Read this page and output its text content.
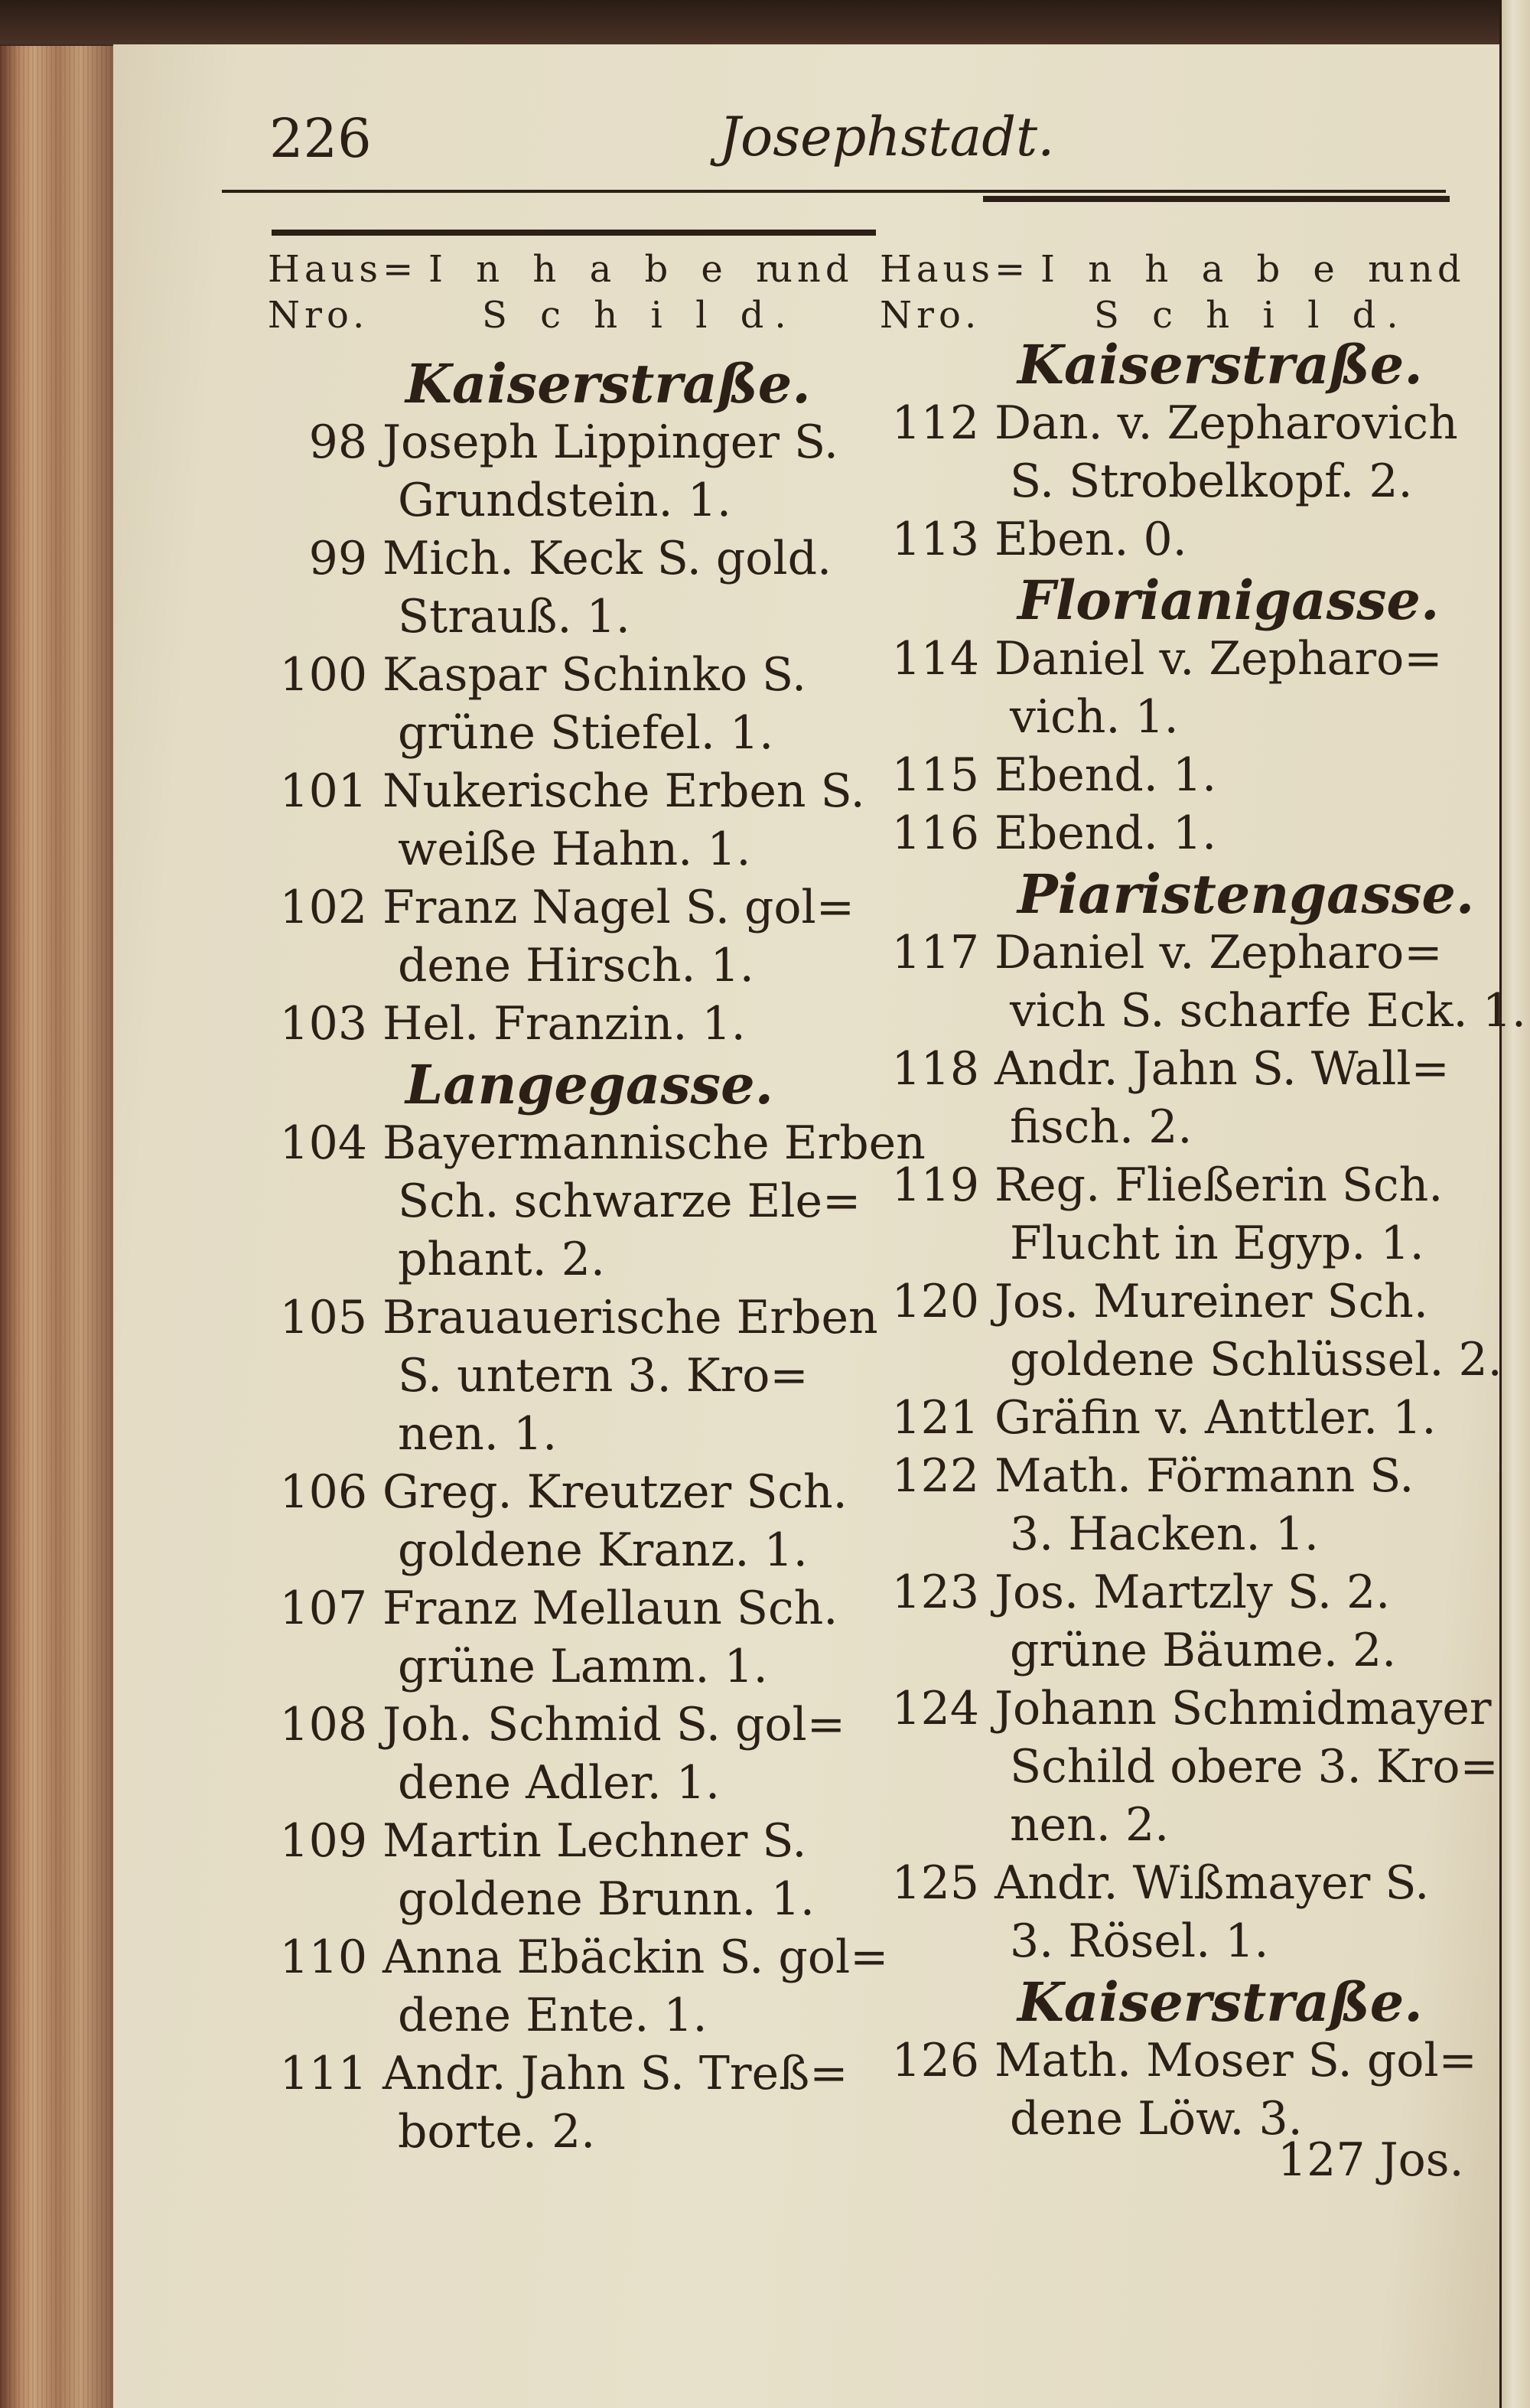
226	Josephstadt.
Haus=
Nro.
I n h a b e r
und
S c h i l d.
Kaiserstraße.
98 Joseph Lippinger S.
Grundstein. 1.
99 Mich. Keck S. gold.
Strauß. 1.
100 Kaspar Schinko S.
grüne Stiefel. 1.
101 Nukerische Erben S.
weiße Hahn. 1.
102 Franz Nagel S. gol=
dene Hirsch. 1.
103 Hel. Franzin. 1.
Langegasse.
104 Bayermannische Erben
Sch. schwarze Ele=
phant. 2.
105 Brauauerische Erben
S. untern 3. Kro=
nen. 1.
106 Greg. Kreutzer Sch.
goldene Kranz. 1.
107 Franz Mellaun Sch.
grüne Lamm. 1.
108 Joh. Schmid S. gol=
dene Adler. 1.
109 Martin Lechner S.
goldene Brunn. 1.
110 Anna Ebäckin S. gol=
dene Ente. 1.
111 Andr. Jahn S. Treß=
borte. 2.
Haus=
Nro.
I n h a b e r
und
S c h i l d.
Kaiserstraße.
112 Dan. v. Zepharovich
S. Strobelkopf. 2.
113 Eben. 0.
Florianigasse.
114 Daniel v. Zepharo=
vich. 1.
115 Ebend. 1.
116 Ebend. 1.
Piaristengasse.
117 Daniel v. Zepharo=
vich S. scharfe Eck. 1.
118 Andr. Jahn S. Wall=
fisch. 2.
119 Reg. Fließerin Sch.
Flucht in Egyp. 1.
120 Jos. Mureiner Sch.
goldene Schlüssel. 2.
121 Gräfin v. Anttler. 1.
122 Math. Förmann S.
3. Hacken. 1.
123 Jos. Martzly S. 2.
grüne Bäume. 2.
124 Johann Schmidmayer
Schild obere 3. Kro=
nen. 2.
125 Andr. Wißmayer S.
3. Rösel. 1.
Kaiserstraße.
126 Math. Moser S. gol=
dene Löw. 3.
127 Jos.
